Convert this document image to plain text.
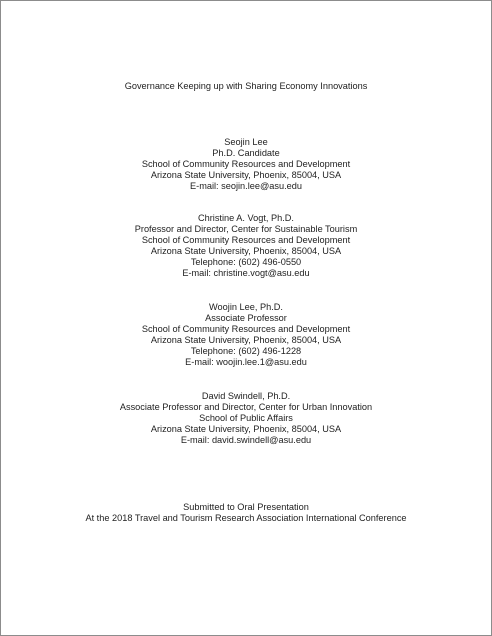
Governance Keeping up with Sharing Economy Innovations
Seojin Lee
Ph.D. Candidate
School of Community Resources and Development
Arizona State University, Phoenix, 85004, USA
E-mail: seojin.lee@asu.edu
Christine A. Vogt, Ph.D.
Professor and Director, Center for Sustainable Tourism
School of Community Resources and Development
Arizona State University, Phoenix, 85004, USA
Telephone: (602) 496-0550
E-mail: christine.vogt@asu.edu
Woojin Lee, Ph.D.
Associate Professor
School of Community Resources and Development
Arizona State University, Phoenix, 85004, USA
Telephone: (602) 496-1228
E-mail: woojin.lee.1@asu.edu
David Swindell, Ph.D.
Associate Professor and Director, Center for Urban Innovation
School of Public Affairs
Arizona State University, Phoenix, 85004, USA
E-mail: david.swindell@asu.edu
Submitted to Oral Presentation
At the 2018 Travel and Tourism Research Association International Conference
